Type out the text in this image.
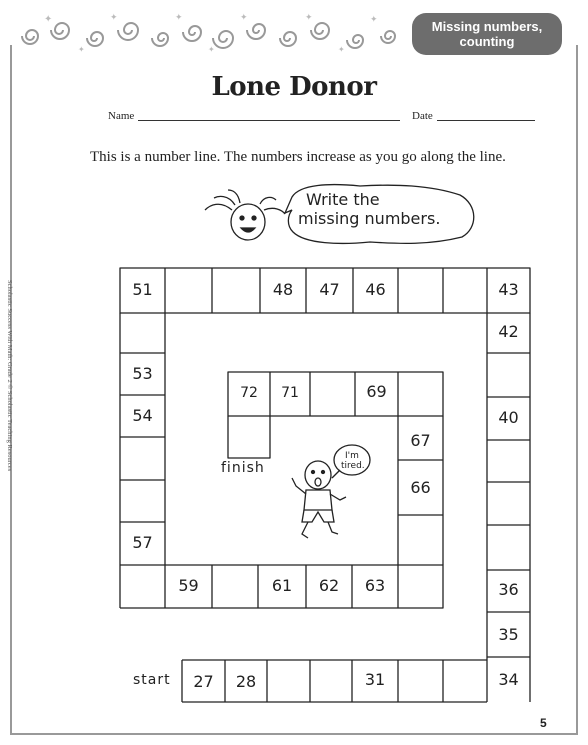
✦	✦	✦	✦	✦	✦
✦	✦	✦
Missing numbers,
counting
Lone Donor
Name	Date
This is a number line. The numbers increase as you go along the line.
Scholastic Success With Math: Grade 2 © Scholastic Teaching Resources
Write the
missing numbers.
I'm
tired.
finish
start
51	48	47	46	43
42
53
54	40
57
59	61	62	63	36
35
27	28	31	34
72	71	69
67
66
5
